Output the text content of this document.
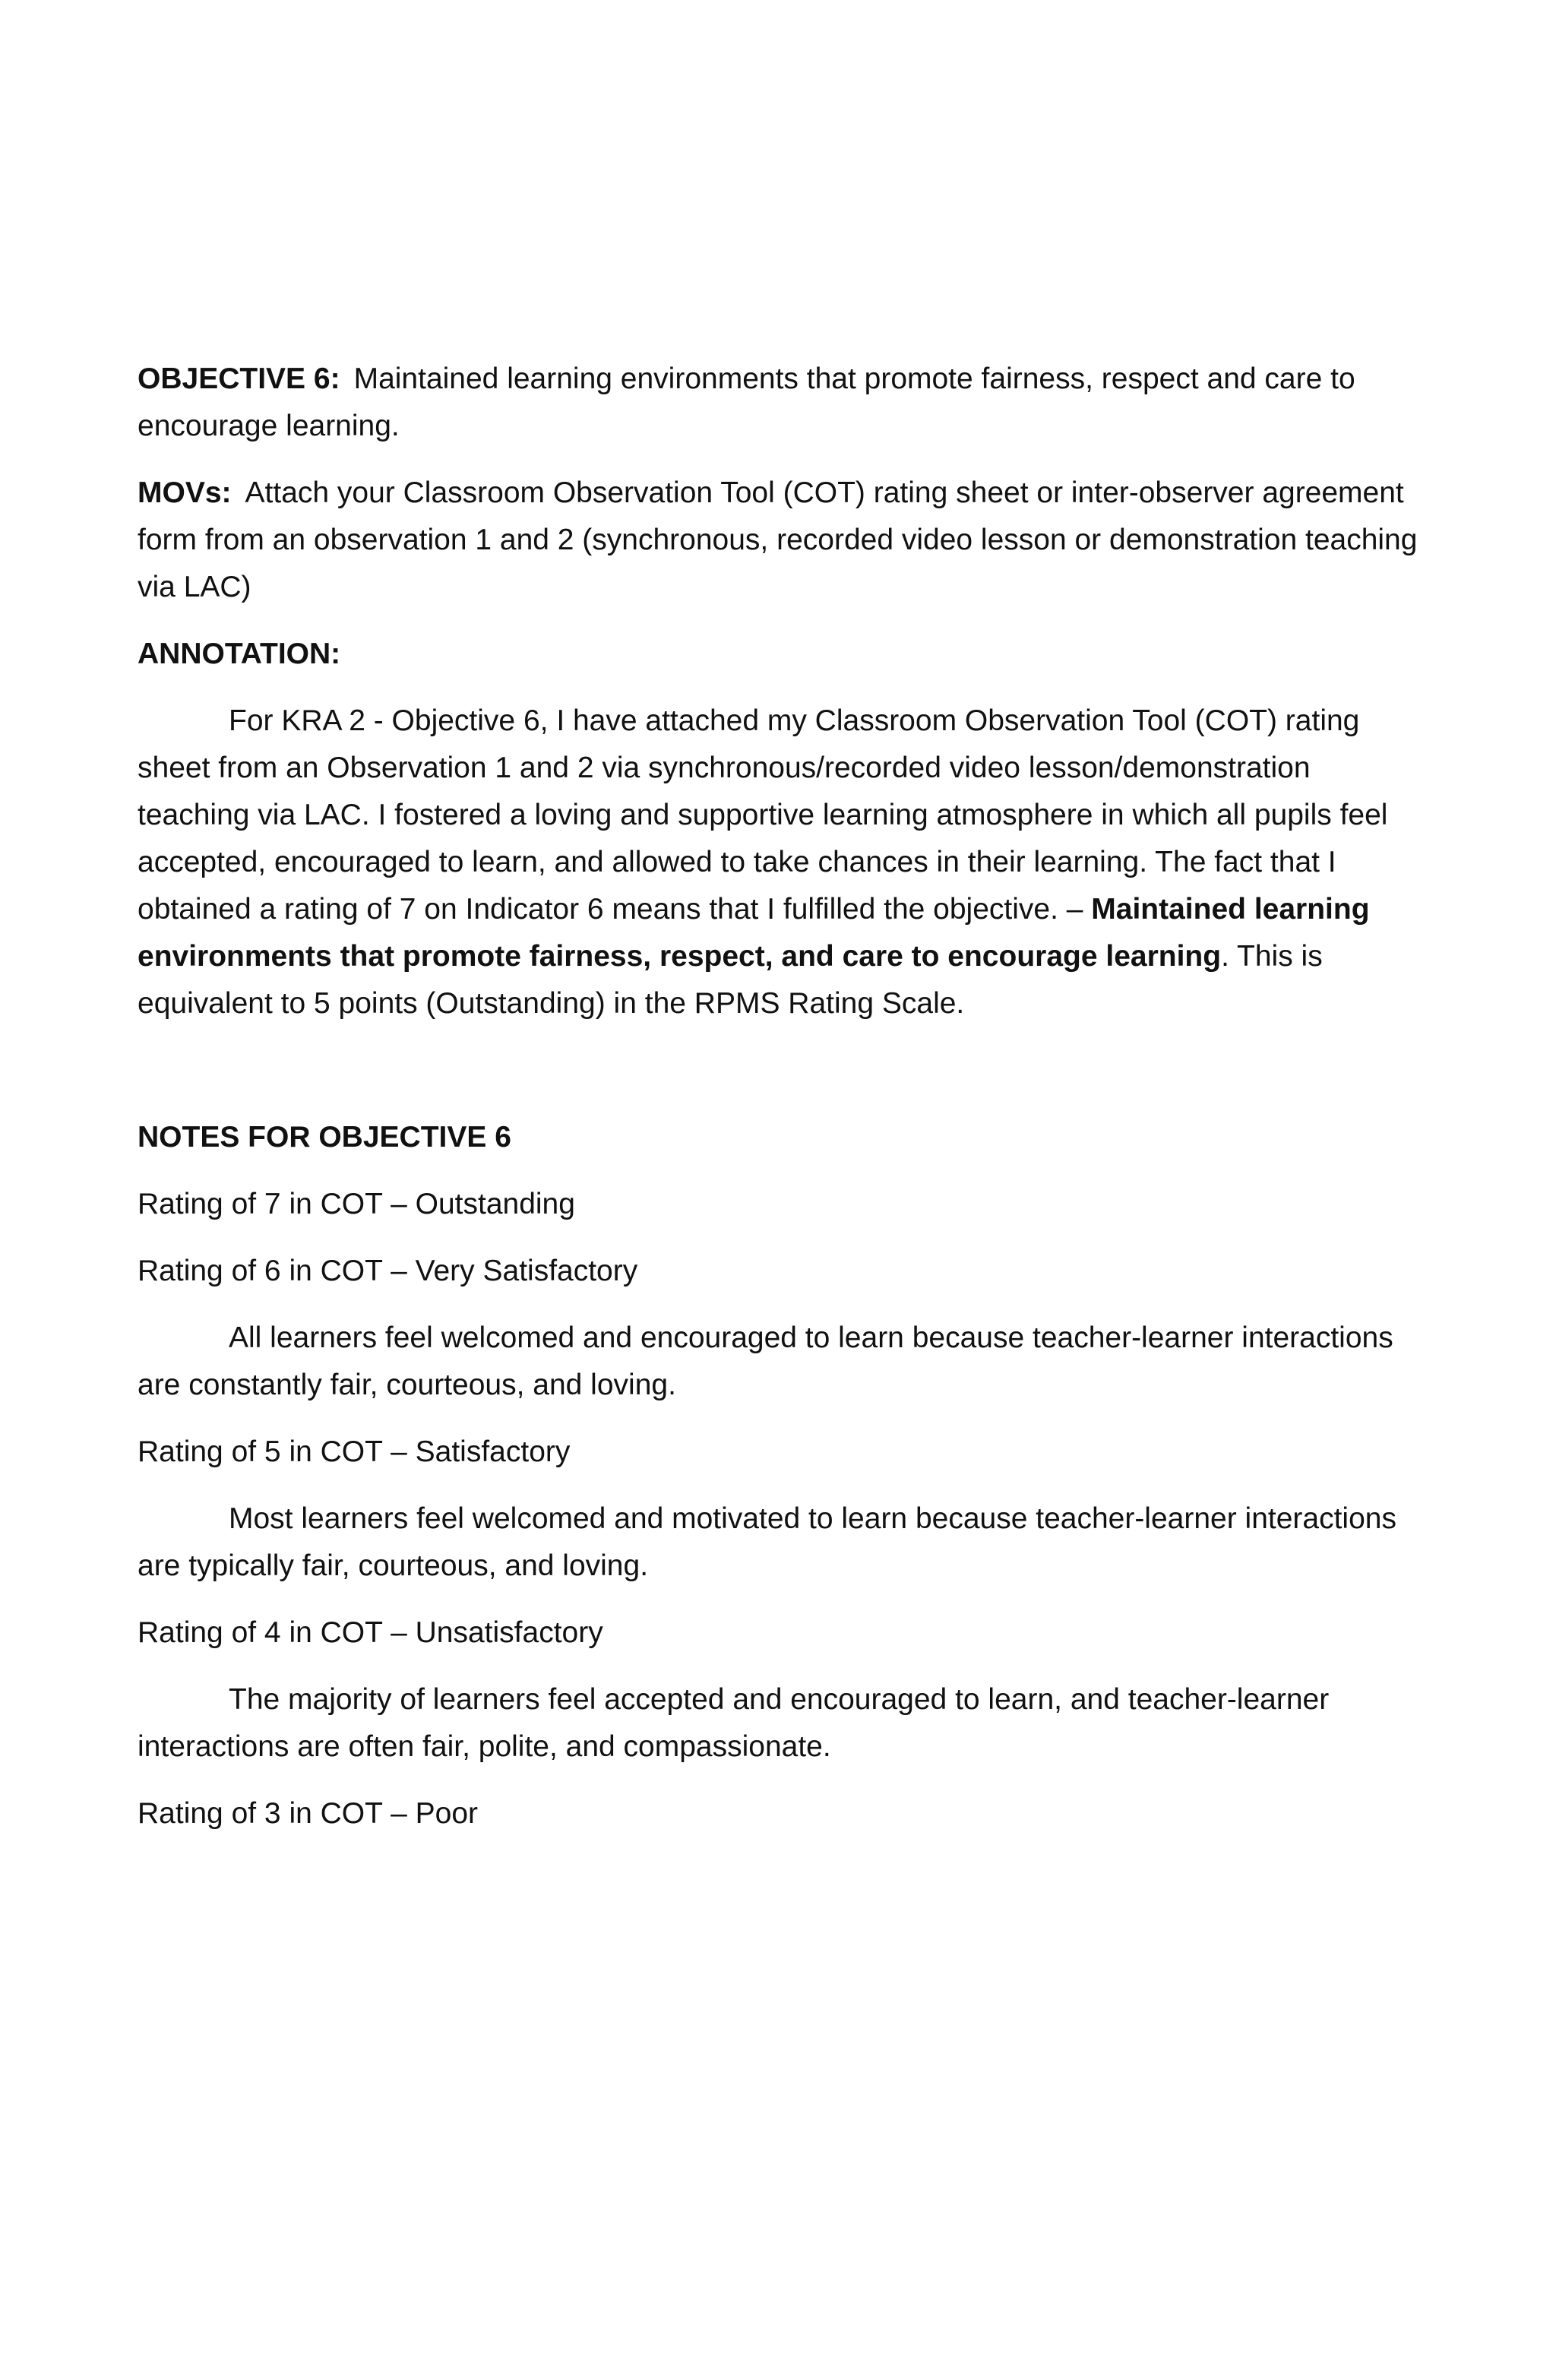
OBJECTIVE 6: Maintained learning environments that promote fairness, respect and care to encourage learning.

MOVs: Attach your Classroom Observation Tool (COT) rating sheet or inter-observer agreement form from an observation 1 and 2 (synchronous, recorded video lesson or demonstration teaching via LAC)

ANNOTATION:

For KRA 2 - Objective 6, I have attached my Classroom Observation Tool (COT) rating sheet from an Observation 1 and 2 via synchronous/recorded video lesson/demonstration teaching via LAC. I fostered a loving and supportive learning atmosphere in which all pupils feel accepted, encouraged to learn, and allowed to take chances in their learning. The fact that I obtained a rating of 7 on Indicator 6 means that I fulfilled the objective. – Maintained learning environments that promote fairness, respect, and care to encourage learning. This is equivalent to 5 points (Outstanding) in the RPMS Rating Scale.

NOTES FOR OBJECTIVE 6

Rating of 7 in COT – Outstanding

Rating of 6 in COT – Very Satisfactory

All learners feel welcomed and encouraged to learn because teacher-learner interactions are constantly fair, courteous, and loving.

Rating of 5 in COT – Satisfactory

Most learners feel welcomed and motivated to learn because teacher-learner interactions are typically fair, courteous, and loving.

Rating of 4 in COT – Unsatisfactory

The majority of learners feel accepted and encouraged to learn, and teacher-learner interactions are often fair, polite, and compassionate.

Rating of 3 in COT – Poor
